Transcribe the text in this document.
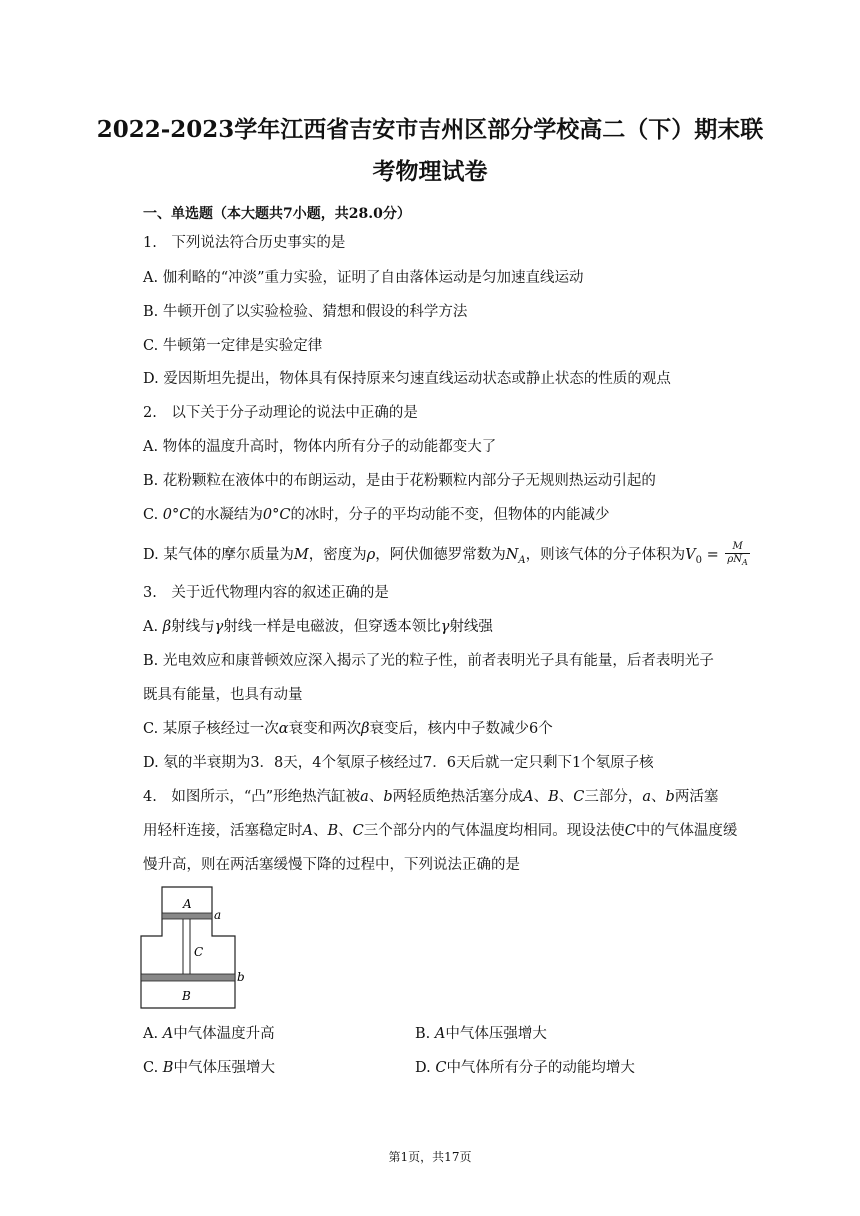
2022-2023学年江西省吉安市吉州区部分学校高二（下）期末联
考物理试卷
一、单选题（本大题共7小题，共28.0分）
1.　下列说法符合历史事实的是
A. 伽利略的“冲淡”重力实验，证明了自由落体运动是匀加速直线运动
B. 牛顿开创了以实验检验、猜想和假设的科学方法
C. 牛顿第一定律是实验定律
D. 爱因斯坦先提出，物体具有保持原来匀速直线运动状态或静止状态的性质的观点
2.　以下关于分子动理论的说法中正确的是
A. 物体的温度升高时，物体内所有分子的动能都变大了
B. 花粉颗粒在液体中的布朗运动，是由于花粉颗粒内部分子无规则热运动引起的
C. 0°C的水凝结为0°C的冰时，分子的平均动能不变，但物体的内能减少
D. 某气体的摩尔质量为M，密度为ρ，阿伏伽德罗常数为$N_A$，则该气体的分子体积为$V_0 = \frac{M}{\rho N_A}$
3.　关于近代物理内容的叙述正确的是
A. β射线与γ射线一样是电磁波，但穿透本领比γ射线强
B. 光电效应和康普顿效应深入揭示了光的粒子性，前者表明光子具有能量，后者表明光子
既具有能量，也具有动量
C. 某原子核经过一次α衰变和两次β衰变后，核内中子数减少6个
D. 氡的半衰期为3．8天，4个氡原子核经过7．6天后就一定只剩下1个氡原子核
4.　如图所示，“凸”形绝热汽缸被a、b两轻质绝热活塞分成A、B、C三部分，a、b两活塞
用轻杆连接，活塞稳定时A、B、C三个部分内的气体温度均相同。现设法使C中的气体温度缓
慢升高，则在两活塞缓慢下降的过程中，下列说法正确的是
A
a
C
b
B
A. A中气体温度升高	B. A中气体压强增大
C. B中气体压强增大	D. C中气体所有分子的动能均增大
第1页，共17页
